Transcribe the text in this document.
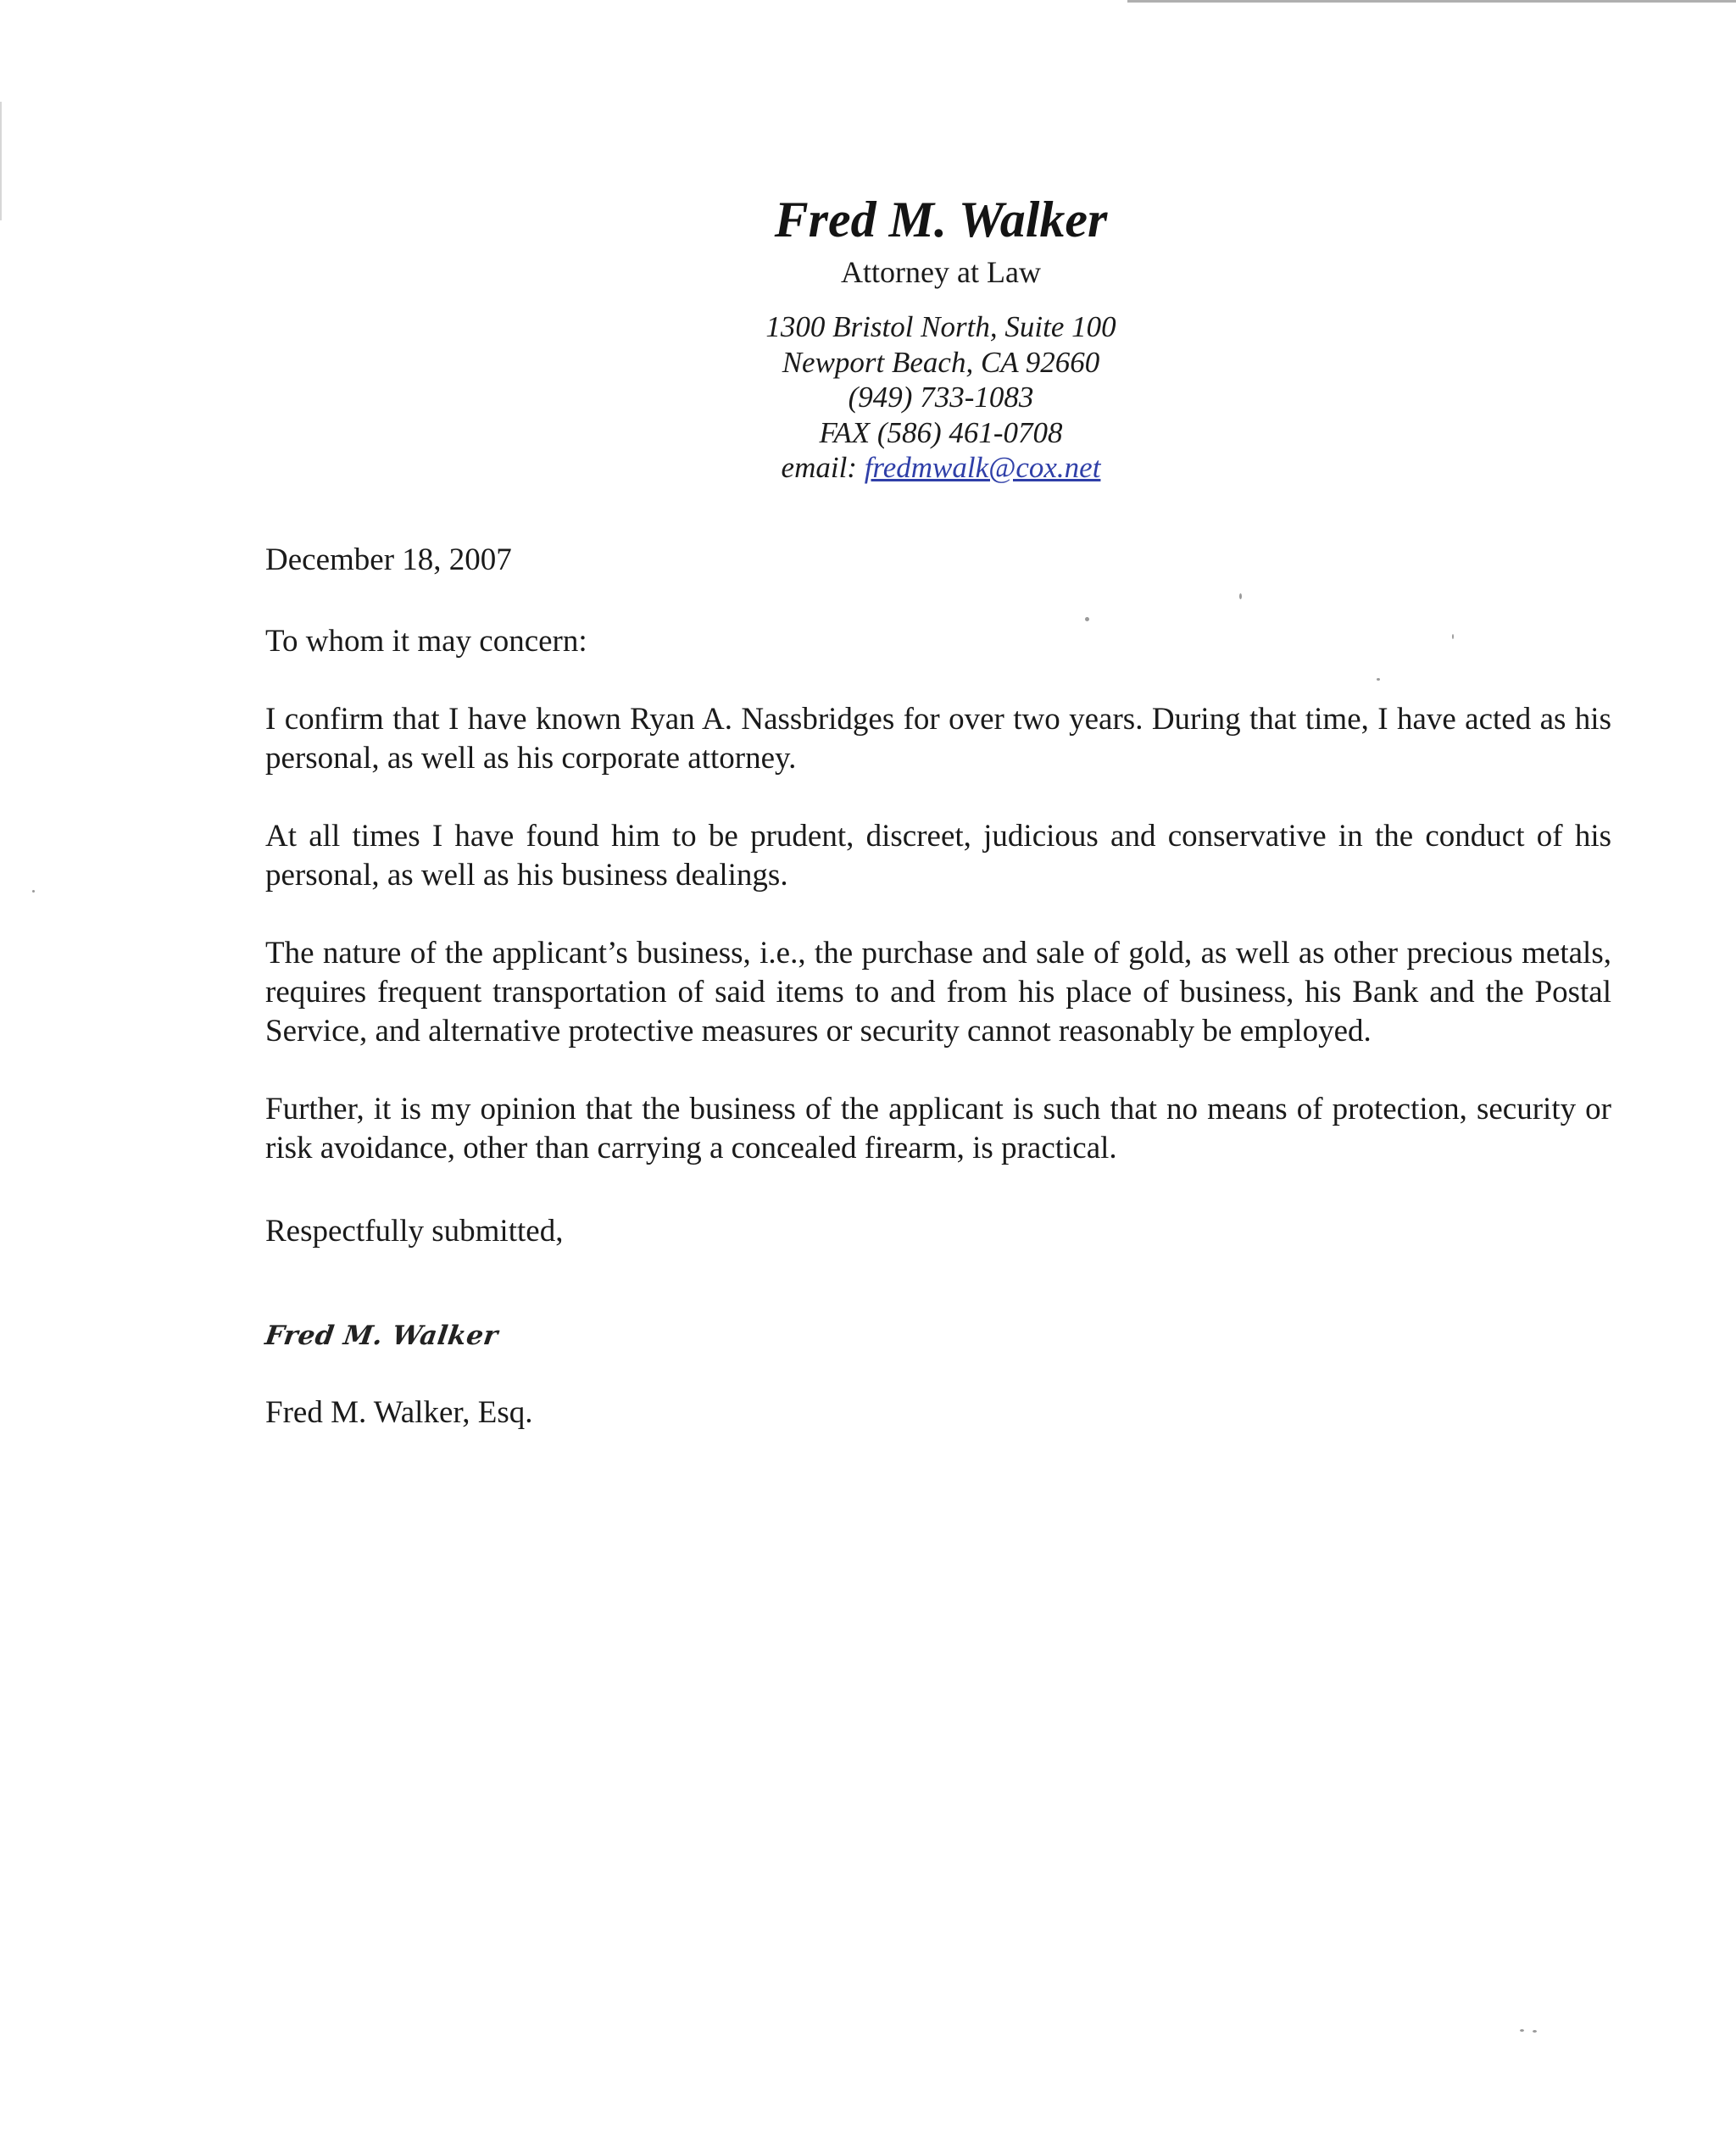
Fred M. Walker
Attorney at Law
1300 Bristol North, Suite 100
Newport Beach, CA 92660
(949) 733-1083
FAX (586) 461-0708
email: fredmwalk@cox.net

December 18, 2007

To whom it may concern:

I confirm that I have known Ryan A. Nassbridges for over two years. During that time, I have acted as his personal, as well as his corporate attorney.

At all times I have found him to be prudent, discreet, judicious and conservative in the conduct of his personal, as well as his business dealings.

The nature of the applicant’s business, i.e., the purchase and sale of gold, as well as other precious metals, requires frequent transportation of said items to and from his place of business, his Bank and the Postal Service, and alternative protective measures or security cannot reasonably be employed.

Further, it is my opinion that the business of the applicant is such that no means of protection, security or risk avoidance, other than carrying a concealed firearm, is practical.

Respectfully submitted,

Fred M. Walker

Fred M. Walker, Esq.
